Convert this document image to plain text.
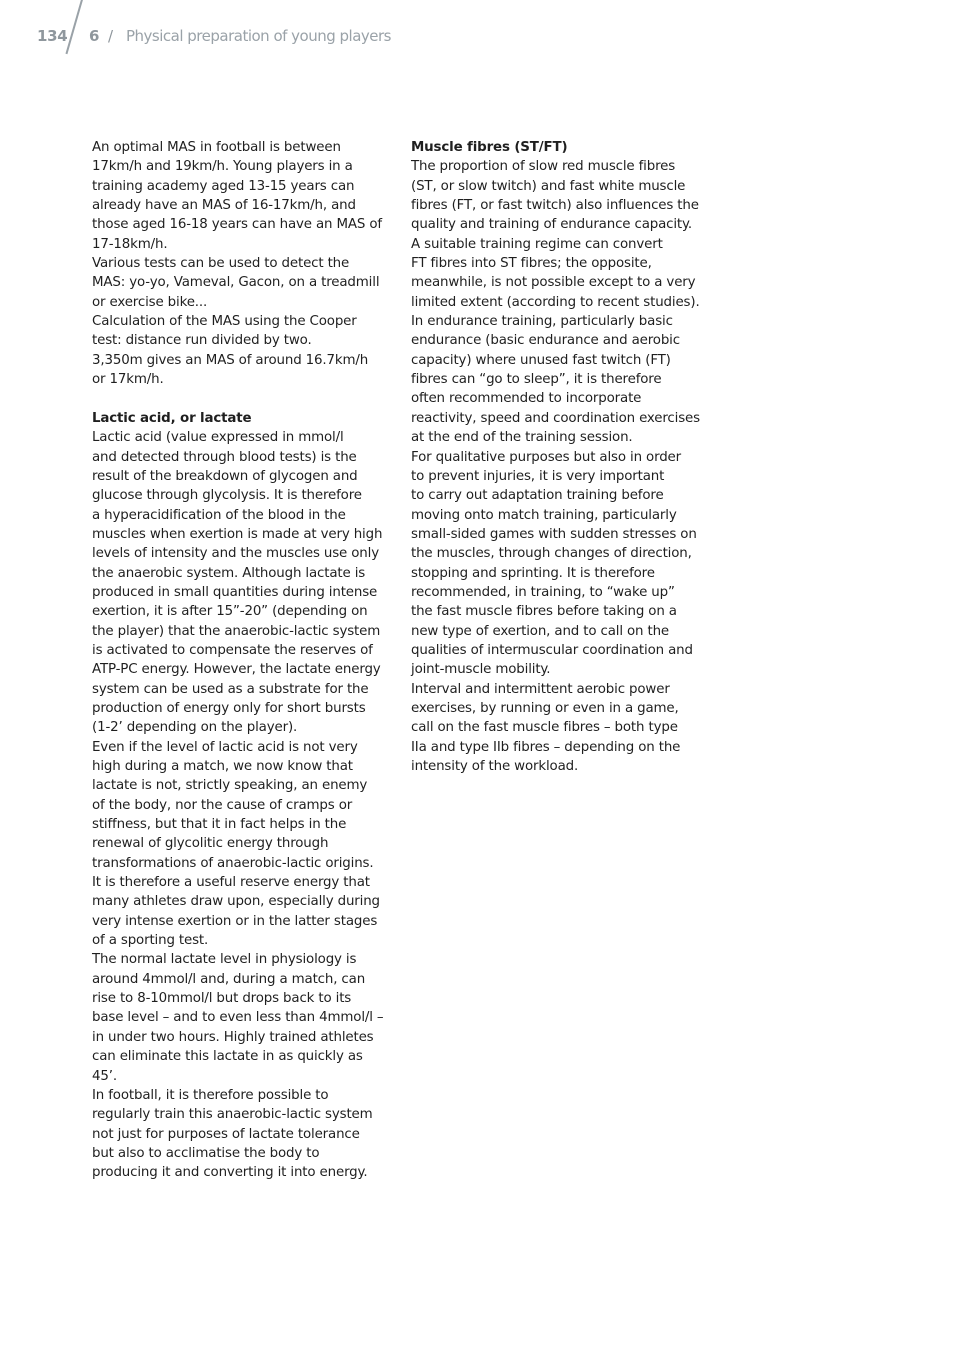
134 6 / Physical preparation of young players
An optimal MAS in football is between
17km/h and 19km/h. Young players in a
training academy aged 13-15 years can
already have an MAS of 16-17km/h, and
those aged 16-18 years can have an MAS of
17-18km/h.
Various tests can be used to detect the
MAS: yo-yo, Vameval, Gacon, on a treadmill
or exercise bike...
Calculation of the MAS using the Cooper
test: distance run divided by two.
3,350m gives an MAS of around 16.7km/h
or 17km/h.
Lactic acid, or lactate
Lactic acid (value expressed in mmol/l
and detected through blood tests) is the
result of the breakdown of glycogen and
glucose through glycolysis. It is therefore
a hyperacidification of the blood in the
muscles when exertion is made at very high
levels of intensity and the muscles use only
the anaerobic system. Although lactate is
produced in small quantities during intense
exertion, it is after 15”-20” (depending on
the player) that the anaerobic-lactic system
is activated to compensate the reserves of
ATP-PC energy. However, the lactate energy
system can be used as a substrate for the
production of energy only for short bursts
(1-2’ depending on the player).
Even if the level of lactic acid is not very
high during a match, we now know that
lactate is not, strictly speaking, an enemy
of the body, nor the cause of cramps or
stiffness, but that it in fact helps in the
renewal of glycolitic energy through
transformations of anaerobic-lactic origins.
It is therefore a useful reserve energy that
many athletes draw upon, especially during
very intense exertion or in the latter stages
of a sporting test.
The normal lactate level in physiology is
around 4mmol/l and, during a match, can
rise to 8-10mmol/l but drops back to its
base level – and to even less than 4mmol/l –
in under two hours. Highly trained athletes
can eliminate this lactate in as quickly as
45’.
In football, it is therefore possible to
regularly train this anaerobic-lactic system
not just for purposes of lactate tolerance
but also to acclimatise the body to
producing it and converting it into energy.
Muscle fibres (ST/FT)
The proportion of slow red muscle fibres
(ST, or slow twitch) and fast white muscle
fibres (FT, or fast twitch) also influences the
quality and training of endurance capacity.
A suitable training regime can convert
FT fibres into ST fibres; the opposite,
meanwhile, is not possible except to a very
limited extent (according to recent studies).
In endurance training, particularly basic
endurance (basic endurance and aerobic
capacity) where unused fast twitch (FT)
fibres can “go to sleep”, it is therefore
often recommended to incorporate
reactivity, speed and coordination exercises
at the end of the training session.
For qualitative purposes but also in order
to prevent injuries, it is very important
to carry out adaptation training before
moving onto match training, particularly
small-sided games with sudden stresses on
the muscles, through changes of direction,
stopping and sprinting. It is therefore
recommended, in training, to “wake up”
the fast muscle fibres before taking on a
new type of exertion, and to call on the
qualities of intermuscular coordination and
joint-muscle mobility.
Interval and intermittent aerobic power
exercises, by running or even in a game,
call on the fast muscle fibres – both type
IIa and type IIb fibres – depending on the
intensity of the workload.
